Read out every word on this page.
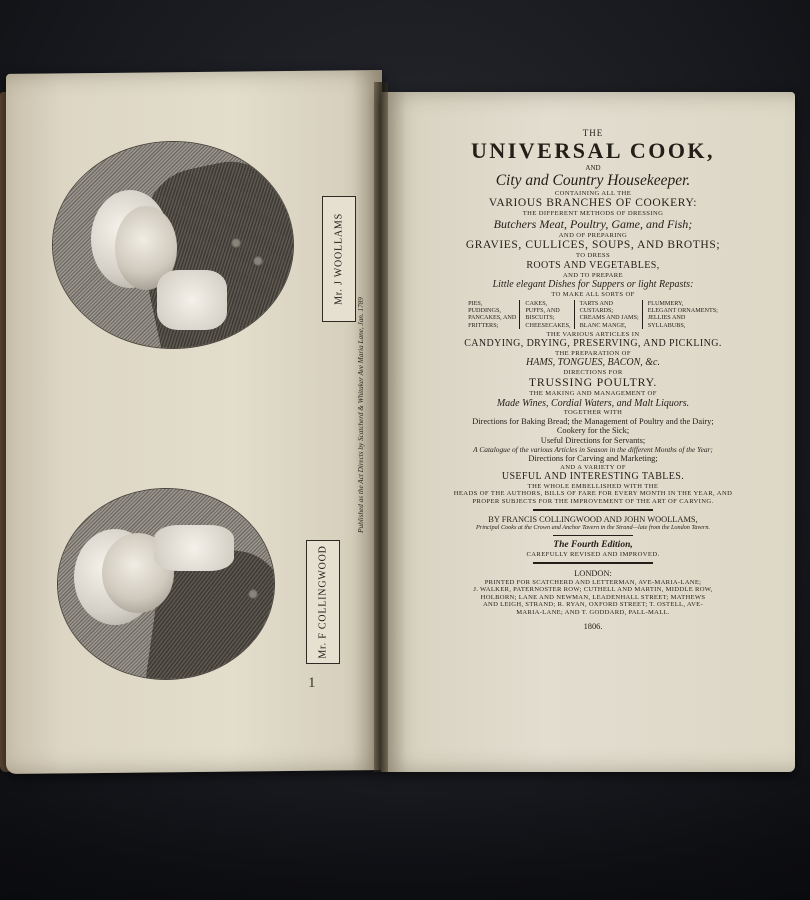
Mr. J WOOLLAMS
Mr. F COLLINGWOOD
Published as the Act Directs by Scatcherd & Whitaker Ave Maria Lane, Jan. 1789
1
THE
UNIVERSAL COOK,
AND
City and Country Housekeeper.
CONTAINING ALL THE
VARIOUS BRANCHES OF COOKERY:
THE DIFFERENT METHODS OF DRESSING
Butchers Meat, Poultry, Game, and Fish;
AND OF PREPARING
GRAVIES, CULLICES, SOUPS, AND BROTHS;
TO DRESS
ROOTS AND VEGETABLES,
AND TO PREPARE
Little elegant Dishes for Suppers or light Repasts:
TO MAKE ALL SORTS OF
PIES,
PUDDINGS,
PANCAKES, AND
FRITTERS;
CAKES,
PUFFS, AND
BISCUITS;
CHEESECAKES,
TARTS AND
CUSTARDS;
CREAMS AND JAMS;
BLANC MANGE,
FLUMMERY,
ELEGANT ORNAMENTS;
JELLIES AND
SYLLABUBS,
THE VARIOUS ARTICLES IN
CANDYING, DRYING, PRESERVING, AND PICKLING.
THE PREPARATION OF
HAMS, TONGUES, BACON, &c.
DIRECTIONS FOR
TRUSSING POULTRY.
THE MAKING AND MANAGEMENT OF
Made Wines, Cordial Waters, and Malt Liquors.
TOGETHER WITH
Directions for Baking Bread; the Management of Poultry and the Dairy;
Cookery for the Sick;
Useful Directions for Servants;
A Catalogue of the various Articles in Season in the different Months of the Year;
Directions for Carving and Marketing;
AND A VARIETY OF
USEFUL AND INTERESTING TABLES.
THE WHOLE EMBELLISHED WITH THE
HEADS OF THE AUTHORS, BILLS OF FARE FOR EVERY MONTH IN THE YEAR, AND
PROPER SUBJECTS FOR THE IMPROVEMENT OF THE ART OF CARVING.
BY FRANCIS COLLINGWOOD AND JOHN WOOLLAMS,
Principal Cooks at the Crown and Anchor Tavern in the Strand—late from the London Tavern.
The Fourth Edition,
CAREFULLY REVISED AND IMPROVED.
LONDON:
PRINTED FOR SCATCHERD AND LETTERMAN, AVE-MARIA-LANE;
J. WALKER, PATERNOSTER ROW; CUTHELL AND MARTIN, MIDDLE ROW,
HOLBORN; LANE AND NEWMAN, LEADENHALL STREET; MATHEWS
AND LEIGH, STRAND; R. RYAN, OXFORD STREET; T. OSTELL, AVE-
MARIA-LANE; AND T. GODDARD, PALL-MALL.
1806.
